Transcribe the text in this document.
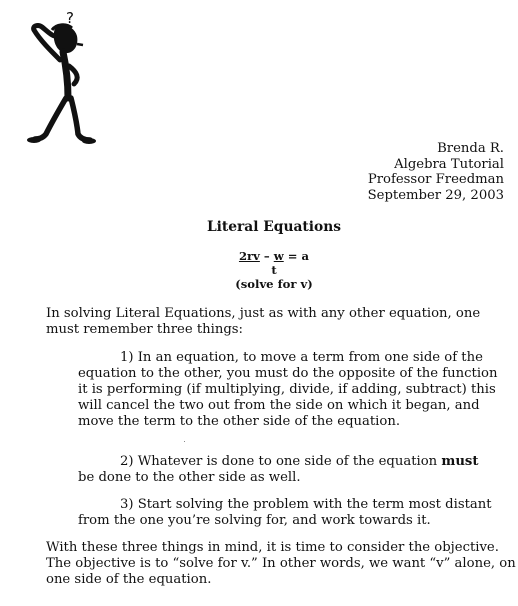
?
Brenda R.
Algebra Tutorial
Professor Freedman
September 29, 2003
Literal Equations
2rv – w = a
t
(solve for v)

In solving Literal Equations, just as with any other equation, one must remember three things:

1) In an equation, to move a term from one side of the equation to the other, you must do the opposite of the function it is performing (if multiplying, divide, if adding, subtract) this will cancel the two out from the side on which it began, and move the term to the other side of the equation.

2) Whatever is done to one side of the equation must be done to the other side as well.

3) Start solving the problem with the term most distant from the one you’re solving for, and work towards it.

With these three things in mind, it is time to consider the objective. The objective is to “solve for v.” In other words, we want “v” alone, on one side of the equation.
